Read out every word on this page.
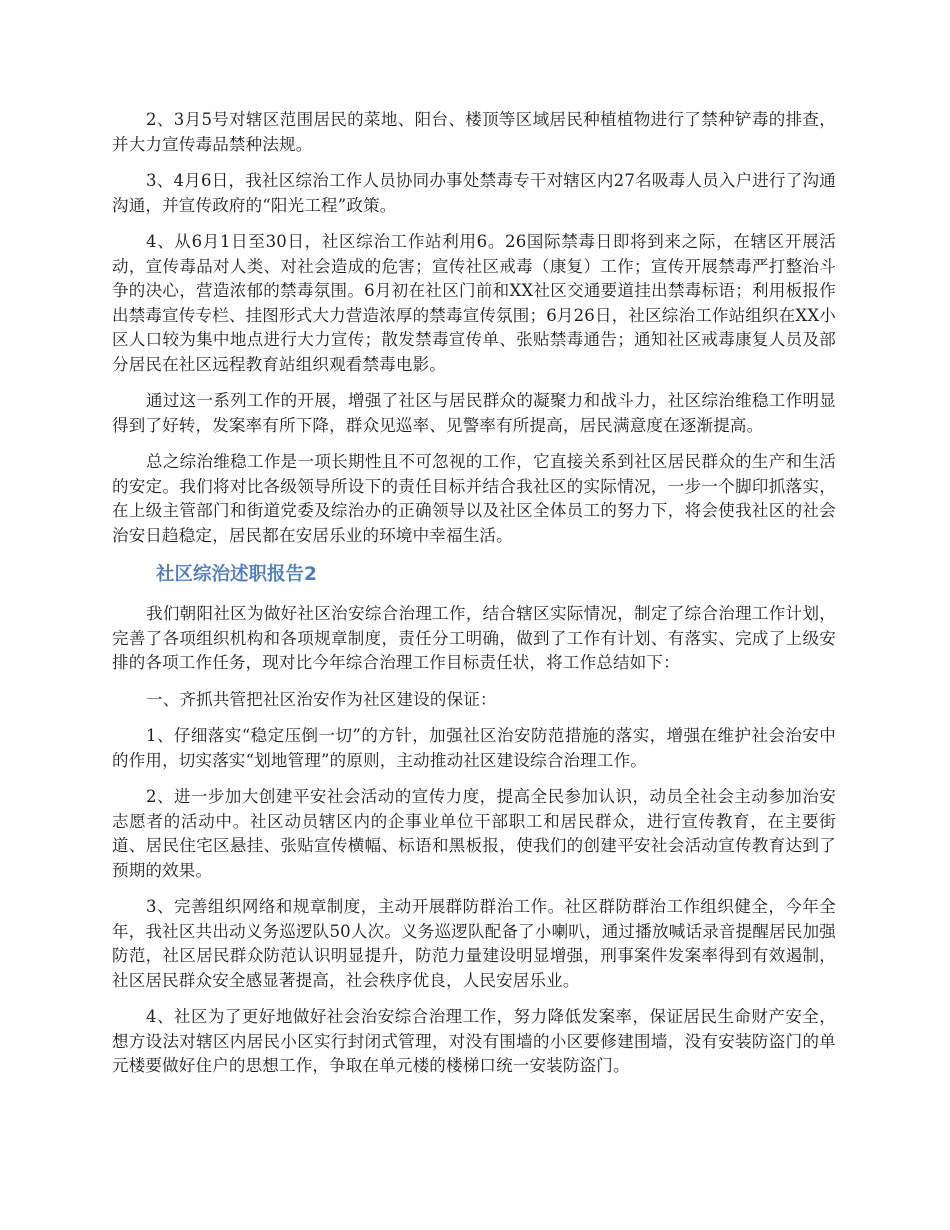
2、3月5号对辖区范围居民的菜地、阳台、楼顶等区域居民种植植物进行了禁种铲毒的排查，并大力宣传毒品禁种法规。

3、4月6日，我社区综治工作人员协同办事处禁毒专干对辖区内27名吸毒人员入户进行了沟通沟通，并宣传政府的“阳光工程”政策。

4、从6月1日至30日，社区综治工作站利用6。26国际禁毒日即将到来之际，在辖区开展活动，宣传毒品对人类、对社会造成的危害；宣传社区戒毒（康复）工作；宣传开展禁毒严打整治斗争的决心，营造浓郁的禁毒氛围。6月初在社区门前和XX社区交通要道挂出禁毒标语；利用板报作出禁毒宣传专栏、挂图形式大力营造浓厚的禁毒宣传氛围；6月26日，社区综治工作站组织在XX小区人口较为集中地点进行大力宣传；散发禁毒宣传单、张贴禁毒通告；通知社区戒毒康复人员及部分居民在社区远程教育站组织观看禁毒电影。

通过这一系列工作的开展，增强了社区与居民群众的凝聚力和战斗力，社区综治维稳工作明显得到了好转，发案率有所下降，群众见巡率、见警率有所提高，居民满意度在逐渐提高。

总之综治维稳工作是一项长期性且不可忽视的工作，它直接关系到社区居民群众的生产和生活的安定。我们将对比各级领导所设下的责任目标并结合我社区的实际情况，一步一个脚印抓落实，在上级主管部门和街道党委及综治办的正确领导以及社区全体员工的努力下，将会使我社区的社会治安日趋稳定，居民都在安居乐业的环境中幸福生活。

社区综治述职报告2

我们朝阳社区为做好社区治安综合治理工作，结合辖区实际情况，制定了综合治理工作计划，完善了各项组织机构和各项规章制度，责任分工明确，做到了工作有计划、有落实、完成了上级安排的各项工作任务，现对比今年综合治理工作目标责任状，将工作总结如下：

一、齐抓共管把社区治安作为社区建设的保证：

1、仔细落实“稳定压倒一切”的方针，加强社区治安防范措施的落实，增强在维护社会治安中的作用，切实落实“划地管理”的原则，主动推动社区建设综合治理工作。

2、进一步加大创建平安社会活动的宣传力度，提高全民参加认识，动员全社会主动参加治安志愿者的活动中。社区动员辖区内的企事业单位干部职工和居民群众，进行宣传教育，在主要街道、居民住宅区悬挂、张贴宣传横幅、标语和黑板报，使我们的创建平安社会活动宣传教育达到了预期的效果。

3、完善组织网络和规章制度，主动开展群防群治工作。社区群防群治工作组织健全，今年全年，我社区共出动义务巡逻队50人次。义务巡逻队配备了小喇叭，通过播放喊话录音提醒居民加强防范，社区居民群众防范认识明显提升，防范力量建设明显增强，刑事案件发案率得到有效遏制，社区居民群众安全感显著提高，社会秩序优良，人民安居乐业。

4、社区为了更好地做好社会治安综合治理工作，努力降低发案率，保证居民生命财产安全，想方设法对辖区内居民小区实行封闭式管理，对没有围墙的小区要修建围墙，没有安装防盗门的单元楼要做好住户的思想工作，争取在单元楼的楼梯口统一安装防盗门。
